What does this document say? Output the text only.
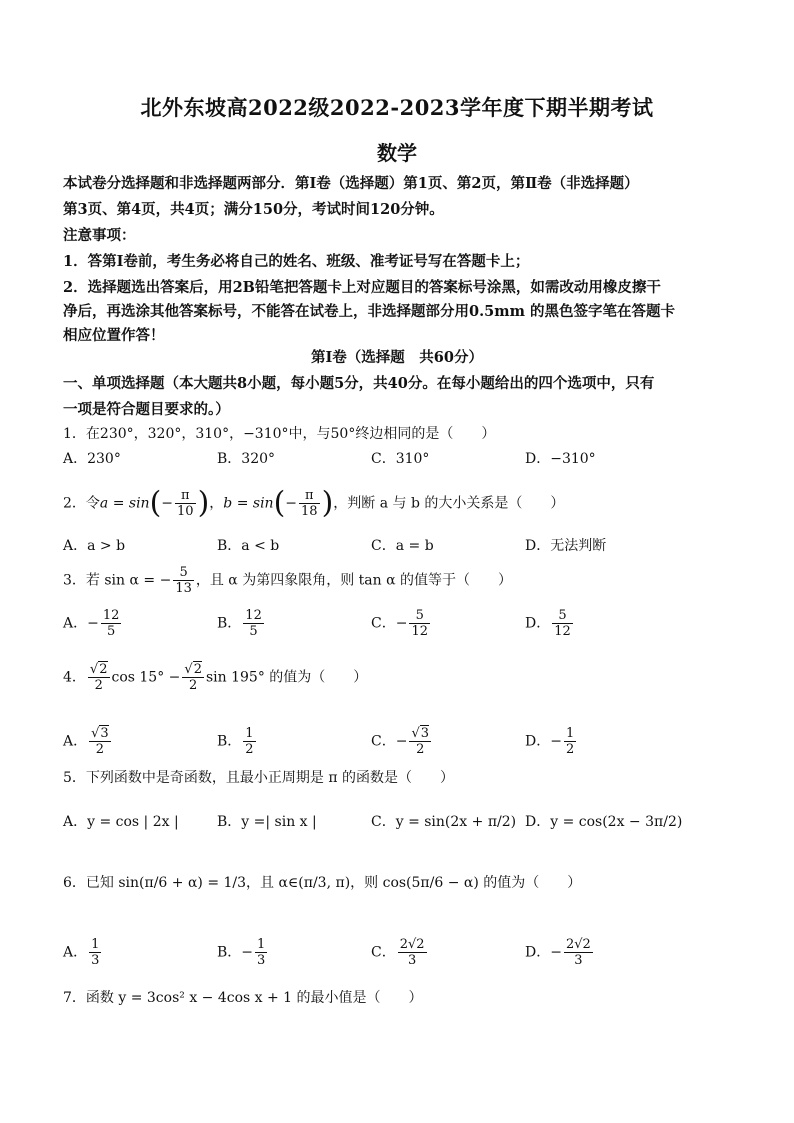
北外东坡高2022级2022-2023学年度下期半期考试
数学
本试卷分选择题和非选择题两部分．第Ⅰ卷（选择题）第1页、第2页，第Ⅱ卷（非选择题）
第3页、第4页，共4页；满分150分，考试时间120分钟。
注意事项：
1．答第Ⅰ卷前，考生务必将自己的姓名、班级、准考证号写在答题卡上；
2．选择题选出答案后，用2B铅笔把答题卡上对应题目的答案标号涂黑，如需改动用橡皮擦干
净后，再选涂其他答案标号，不能答在试卷上，非选择题部分用0.5mm 的黑色签字笔在答题卡
相应位置作答！
第Ⅰ卷（选择题　共60分）
一、单项选择题（本大题共8小题，每小题5分，共40分。在每小题给出的四个选项中，只有
一项是符合题目要求的。）
1．在230°，320°，310°，−310°中，与50°终边相同的是（　　）
A．230°	B．320°	C．310°	D．−310°
2．令$a = \sin(- \frac{\pi}{10}$ )，$b = \sin(- \frac{\pi}{18}$ )，判断 a 与 b 的大小关系是（　　）
A．a > b	B．a < b	C．a = b	D．无法判断
3．若 sin α = − $\frac{5}{13}$ ，且 α 为第四象限角，则 tan α 的值等于（　　）
A．− $\frac{12}{5}$	B． $\frac{12}{5}$	C．− $\frac{5}{12}$	D． $\frac{5}{12}$
4． $\frac{√2}{2}$ $\cos 15^\circ - \frac{√2}{2}$ sin 195° 的值为（　　）
A． $\frac{√3}{2}$	B． $\frac{1}{2}$	C．− $\frac{√3}{2}$	D．− $\frac{1}{2}$
5．下列函数中是奇函数，且最小正周期是 π 的函数是（　　）
A．y = cos | 2x |	B．y =| sin x |	C．y = sin(2x + π/2) D．y = cos(2x − 3π/2)
6．已知 sin(π/6 + α) = 1/3，且 α∈(π/3, π)，则 cos(5π/6 − α) 的值为（　　）
A． $\frac{1}{3}$	B．− $\frac{1}{3}$	C． $\frac{2√2}{3}$	D．− $\frac{2√2}{3}$
7．函数 y = 3cos² x − 4cos x + 1 的最小值是（　　）
